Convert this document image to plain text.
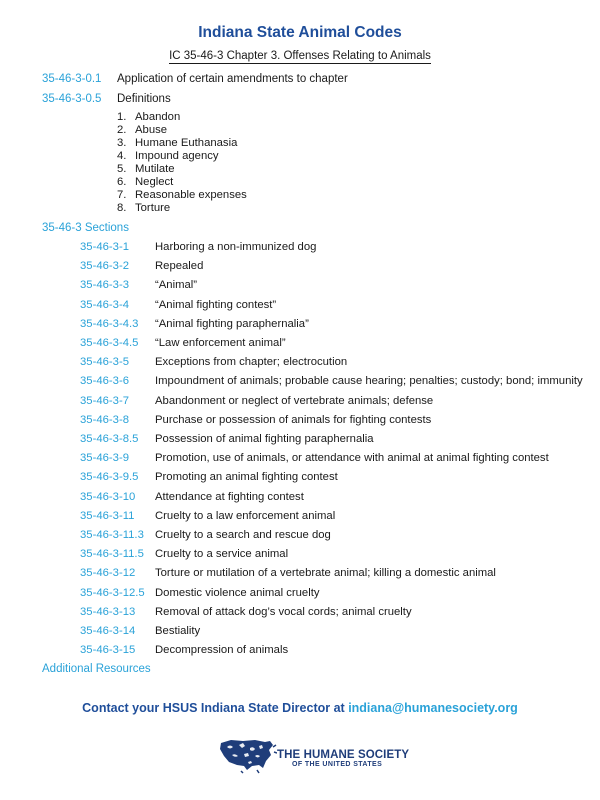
Indiana State Animal Codes
IC 35-46-3 Chapter 3. Offenses Relating to Animals
35-46-3-0.1 Application of certain amendments to chapter
35-46-3-0.5 Definitions
1. Abandon
2. Abuse
3. Humane Euthanasia
4. Impound agency
5. Mutilate
6. Neglect
7. Reasonable expenses
8. Torture
35-46-3 Sections
35-46-3-1 Harboring a non-immunized dog
35-46-3-2 Repealed
35-46-3-3 “Animal”
35-46-3-4 “Animal fighting contest”
35-46-3-4.3 “Animal fighting paraphernalia”
35-46-3-4.5 “Law enforcement animal”
35-46-3-5 Exceptions from chapter; electrocution
35-46-3-6 Impoundment of animals; probable cause hearing; penalties; custody; bond; immunity
35-46-3-7 Abandonment or neglect of vertebrate animals; defense
35-46-3-8 Purchase or possession of animals for fighting contests
35-46-3-8.5 Possession of animal fighting paraphernalia
35-46-3-9 Promotion, use of animals, or attendance with animal at animal fighting contest
35-46-3-9.5 Promoting an animal fighting contest
35-46-3-10 Attendance at fighting contest
35-46-3-11 Cruelty to a law enforcement animal
35-46-3-11.3 Cruelty to a search and rescue dog
35-46-3-11.5 Cruelty to a service animal
35-46-3-12 Torture or mutilation of a vertebrate animal; killing a domestic animal
35-46-3-12.5 Domestic violence animal cruelty
35-46-3-13 Removal of attack dog’s vocal cords; animal cruelty
35-46-3-14 Bestiality
35-46-3-15 Decompression of animals
Additional Resources
Contact your HSUS Indiana State Director at indiana@humanesociety.org
THE HUMANE SOCIETY
OF THE UNITED STATES
